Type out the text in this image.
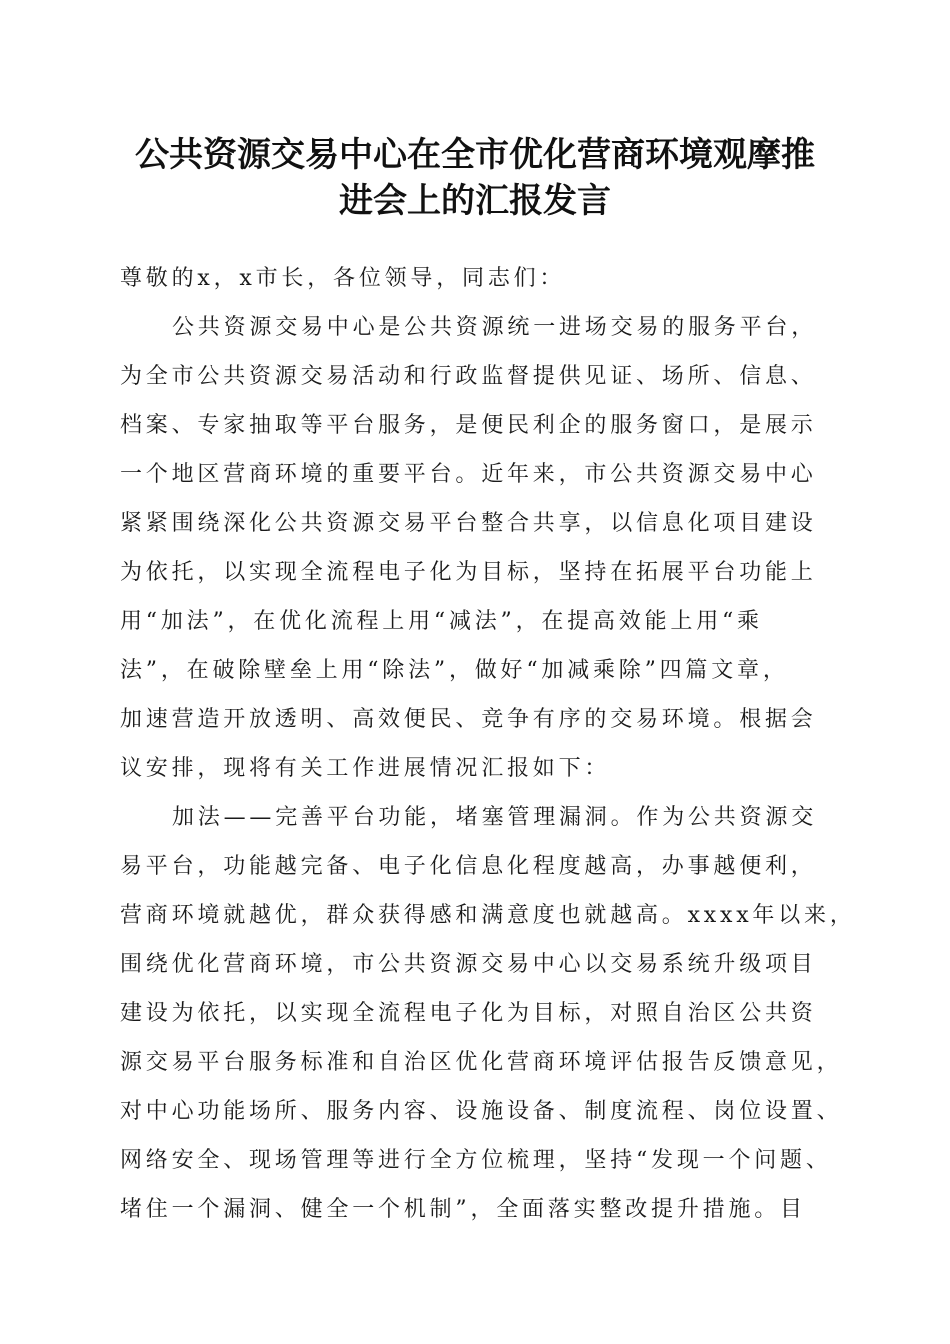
公共资源交易中心在全市优化营商环境观摩推
进会上的汇报发言
尊敬的x，x市长，各位领导，同志们：
公共资源交易中心是公共资源统一进场交易的服务平台，
为全市公共资源交易活动和行政监督提供见证、场所、信息、
档案、专家抽取等平台服务，是便民利企的服务窗口，是展示
一个地区营商环境的重要平台。近年来，市公共资源交易中心
紧紧围绕深化公共资源交易平台整合共享，以信息化项目建设
为依托，以实现全流程电子化为目标，坚持在拓展平台功能上
用“加法”，在优化流程上用“减法”，在提高效能上用“乘
法”，在破除壁垒上用“除法”，做好“加减乘除”四篇文章，
加速营造开放透明、高效便民、竞争有序的交易环境。根据会
议安排，现将有关工作进展情况汇报如下：
加法——完善平台功能，堵塞管理漏洞。作为公共资源交
易平台，功能越完备、电子化信息化程度越高，办事越便利，
营商环境就越优，群众获得感和满意度也就越高。xxxx年以来，
围绕优化营商环境，市公共资源交易中心以交易系统升级项目
建设为依托，以实现全流程电子化为目标，对照自治区公共资
源交易平台服务标准和自治区优化营商环境评估报告反馈意见，
对中心功能场所、服务内容、设施设备、制度流程、岗位设置、
网络安全、现场管理等进行全方位梳理，坚持“发现一个问题、
堵住一个漏洞、健全一个机制”，全面落实整改提升措施。目
